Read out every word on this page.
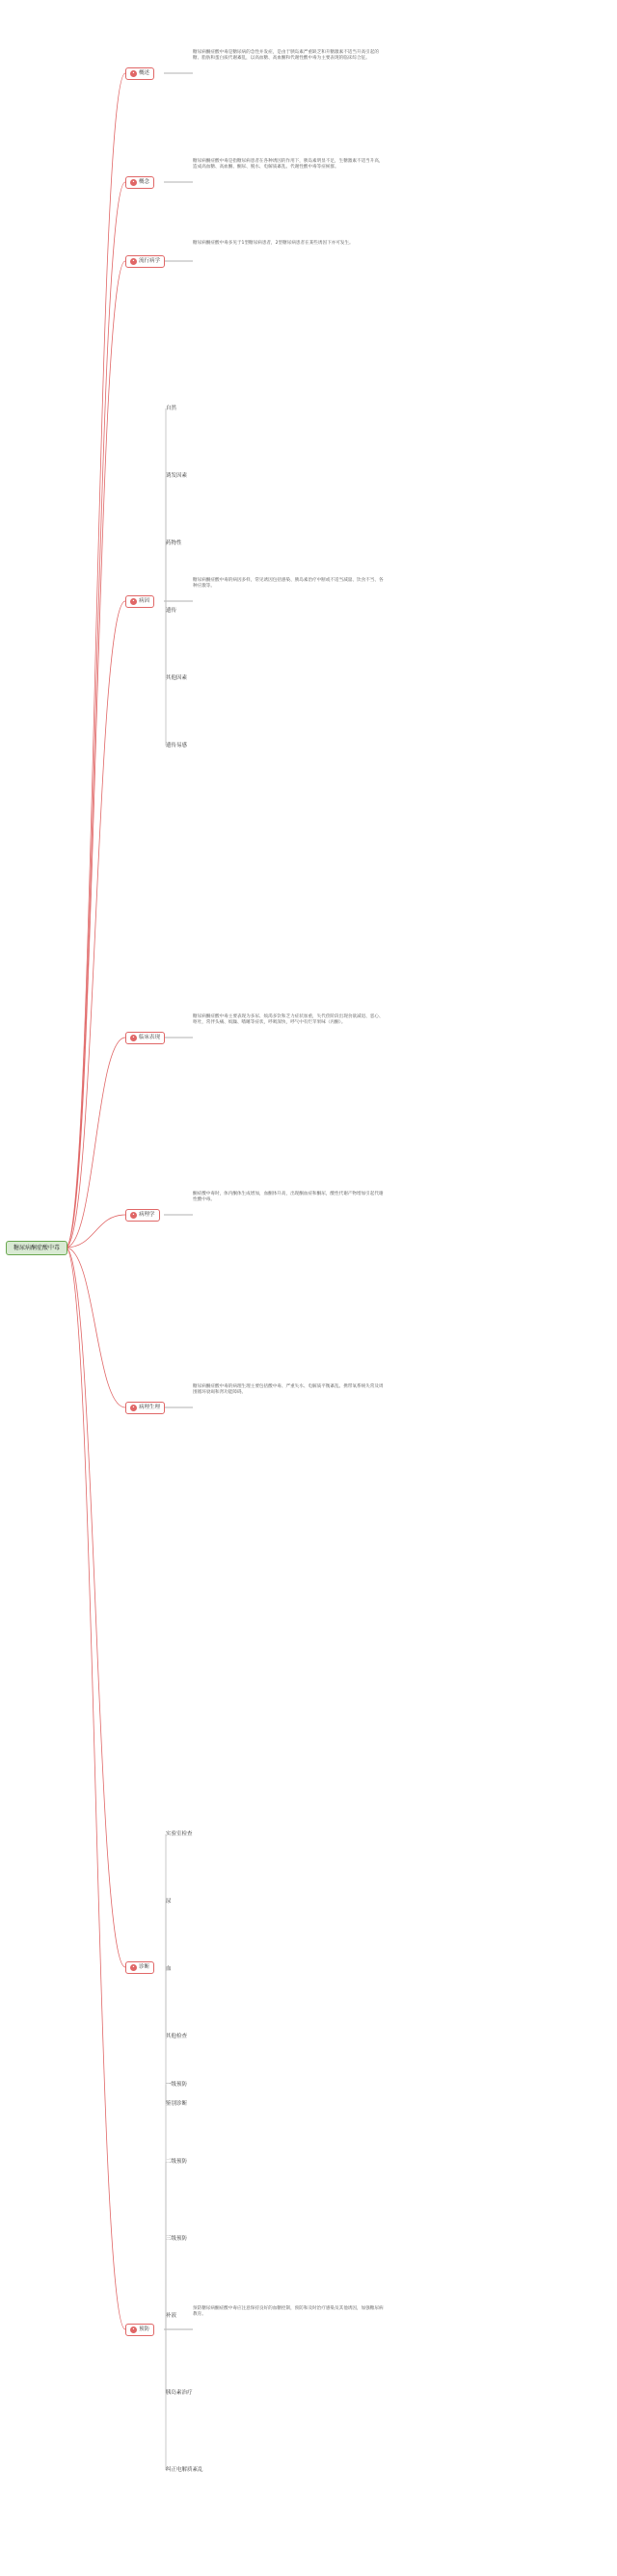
糖尿病酮症酸中毒
• 概述
糖尿病酮症酸中毒是糖尿病的急性并发症，是由于胰岛素严重缺乏和升糖激素不适当升高引起的糖、脂肪和蛋白质代谢紊乱，以高血糖、高血酮和代谢性酸中毒为主要表现的临床综合征。
• 概念
糖尿病酮症酸中毒是指糖尿病患者在各种诱因的作用下，胰岛素明显不足，生糖激素不适当升高，造成高血糖、高血酮、酮尿、脱水、电解质紊乱、代谢性酸中毒等症候群。
• 流行病学
糖尿病酮症酸中毒多见于1型糖尿病患者，2型糖尿病患者在某些诱因下亦可发生。
• 病因
糖尿病酮症酸中毒的病因多样，常见诱因包括感染、胰岛素治疗中断或不适当减量、饮食不当、各种应激等。
• 临床表现
糖尿病酮症酸中毒主要表现为多尿、烦渴多饮和乏力症状加重，失代偿阶段出现食欲减退、恶心、呕吐，常伴头痛、烦躁、嗜睡等症状，呼吸深快，呼气中有烂苹果味（丙酮）。
• 病理学
酮症酸中毒时，体内酮体生成增加，血酮体升高，出现酮血症和酮尿，酸性代谢产物增加引起代谢性酸中毒。
• 病理生理
糖尿病酮症酸中毒的病理生理主要包括酸中毒、严重失水、电解质平衡紊乱、携带氧系统失常及周围循环衰竭和肾功能障碍。
• 诊断
• 预防
预防糖尿病酮症酸中毒应注意保持良好的血糖控制，预防和及时治疗感染及其他诱因，加强糖尿病教育。
自然
诱发因素
药物性
遗传
其他因素
遗传易感
实验室检查
尿
血
其他检查
鉴别诊断
一级预防
二级预防
三级预防
补液
胰岛素治疗
纠正电解质紊乱
